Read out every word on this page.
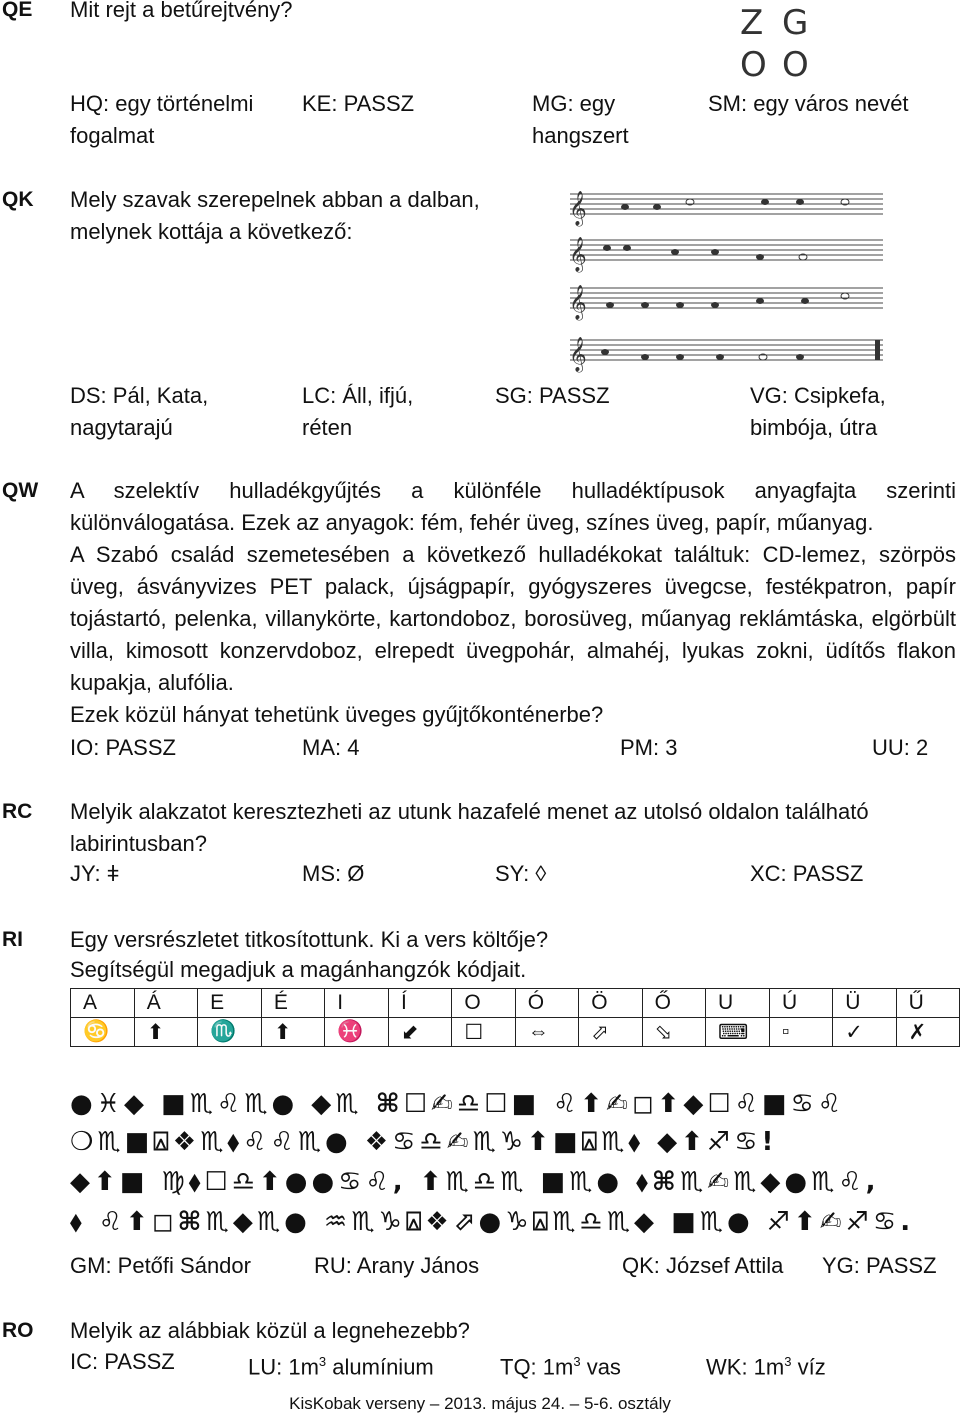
QE Mit rejt a betűrejtvény?	Z G
O O
HQ: egy történelmi fogalmat
KE: PASSZ	MG: egy hangszert
SM: egy város nevét
QK Mely szavak szerepelnek abban a dalban, melynek kottája a következő:
𝄞
𝄞
𝄞
𝄞
DS: Pál, Kata, nagytarajú
LC: Áll, ifjú, réten
SG: PASSZ	VG: Csipkefa, bimbója, útra
QW A szelektív hulladékgyűjtés a különféle hulladéktípusok anyagfajta szerinti különválogatása. Ezek az anyagok: fém, fehér üveg, színes üveg, papír, műanyag.
A Szabó család szemetesében a következő hulladékokat találtuk: CD-lemez, szörpös üveg, ásványvizes PET palack, újságpapír, gyógyszeres üvegcse, festékpatron, papír tojástartó, pelenka, villanykörte, kartondoboz, borosüveg, műanyag reklámtáska, elgörbült villa, kimosott konzervdoboz, elrepedt üvegpohár, almahéj, lyukas zokni, üdítős flakon kupakja, alufólia.
Ezek közül hányat tehetünk üveges gyűjtőkonténerbe?
IO: PASSZ	MA: 4	PM: 3	UU: 2
RC Melyik alakzatot keresztezheti az utunk hazafelé menet az utolsó oldalon található labirintusban?
JY: ǂ	MS: Ø	SY: ◊	XC: PASSZ
RI Egy versrészletet titkosítottunk. Ki a vers költője?
Segítségül megadjuk a magánhangzók kódjait.
A	Á	E	É	I	Í	O	Ó	Ö	Ő	U	Ú	Ü	Ű
♋	⬆	♏	⬆	♓	⬋	☐	⇔	⬀	⬂	⌨	▫	✓	✗
●♓◆ ■♏♌♏● ◆♏ ⌘☐✍♎☐■ ♌⬆✍◻⬆◆☐♌■♋♌
❍♏■⍓❖♏⬧♌♌♏● ❖♋♎✍♏♑⬆■⍓♏⬧ ◆⬆♐♋!
◆⬆■ ♍⬧☐♎⬆●●♋♌, ⬆♏♎♏ ■♏● ⬧⌘♏✍♏◆●♏♌,
⬧ ♌⬆◻⌘♏◆♏● ♒♏♑⍓❖⬀●♑⍓♏♎♏◆ ■♏● ♐⬆✍♐♋.
GM: Petőfi Sándor	RU: Arany János	QK: József Attila YG: PASSZ
RO Melyik az alábbiak közül a legnehezebb?
IC: PASSZ	LU: $1m^3$ alumínium	TQ: $1m^3$ vas	WK: $1m^3$ víz
KisKobak verseny – 2013. május 24. – 5-6. osztály
